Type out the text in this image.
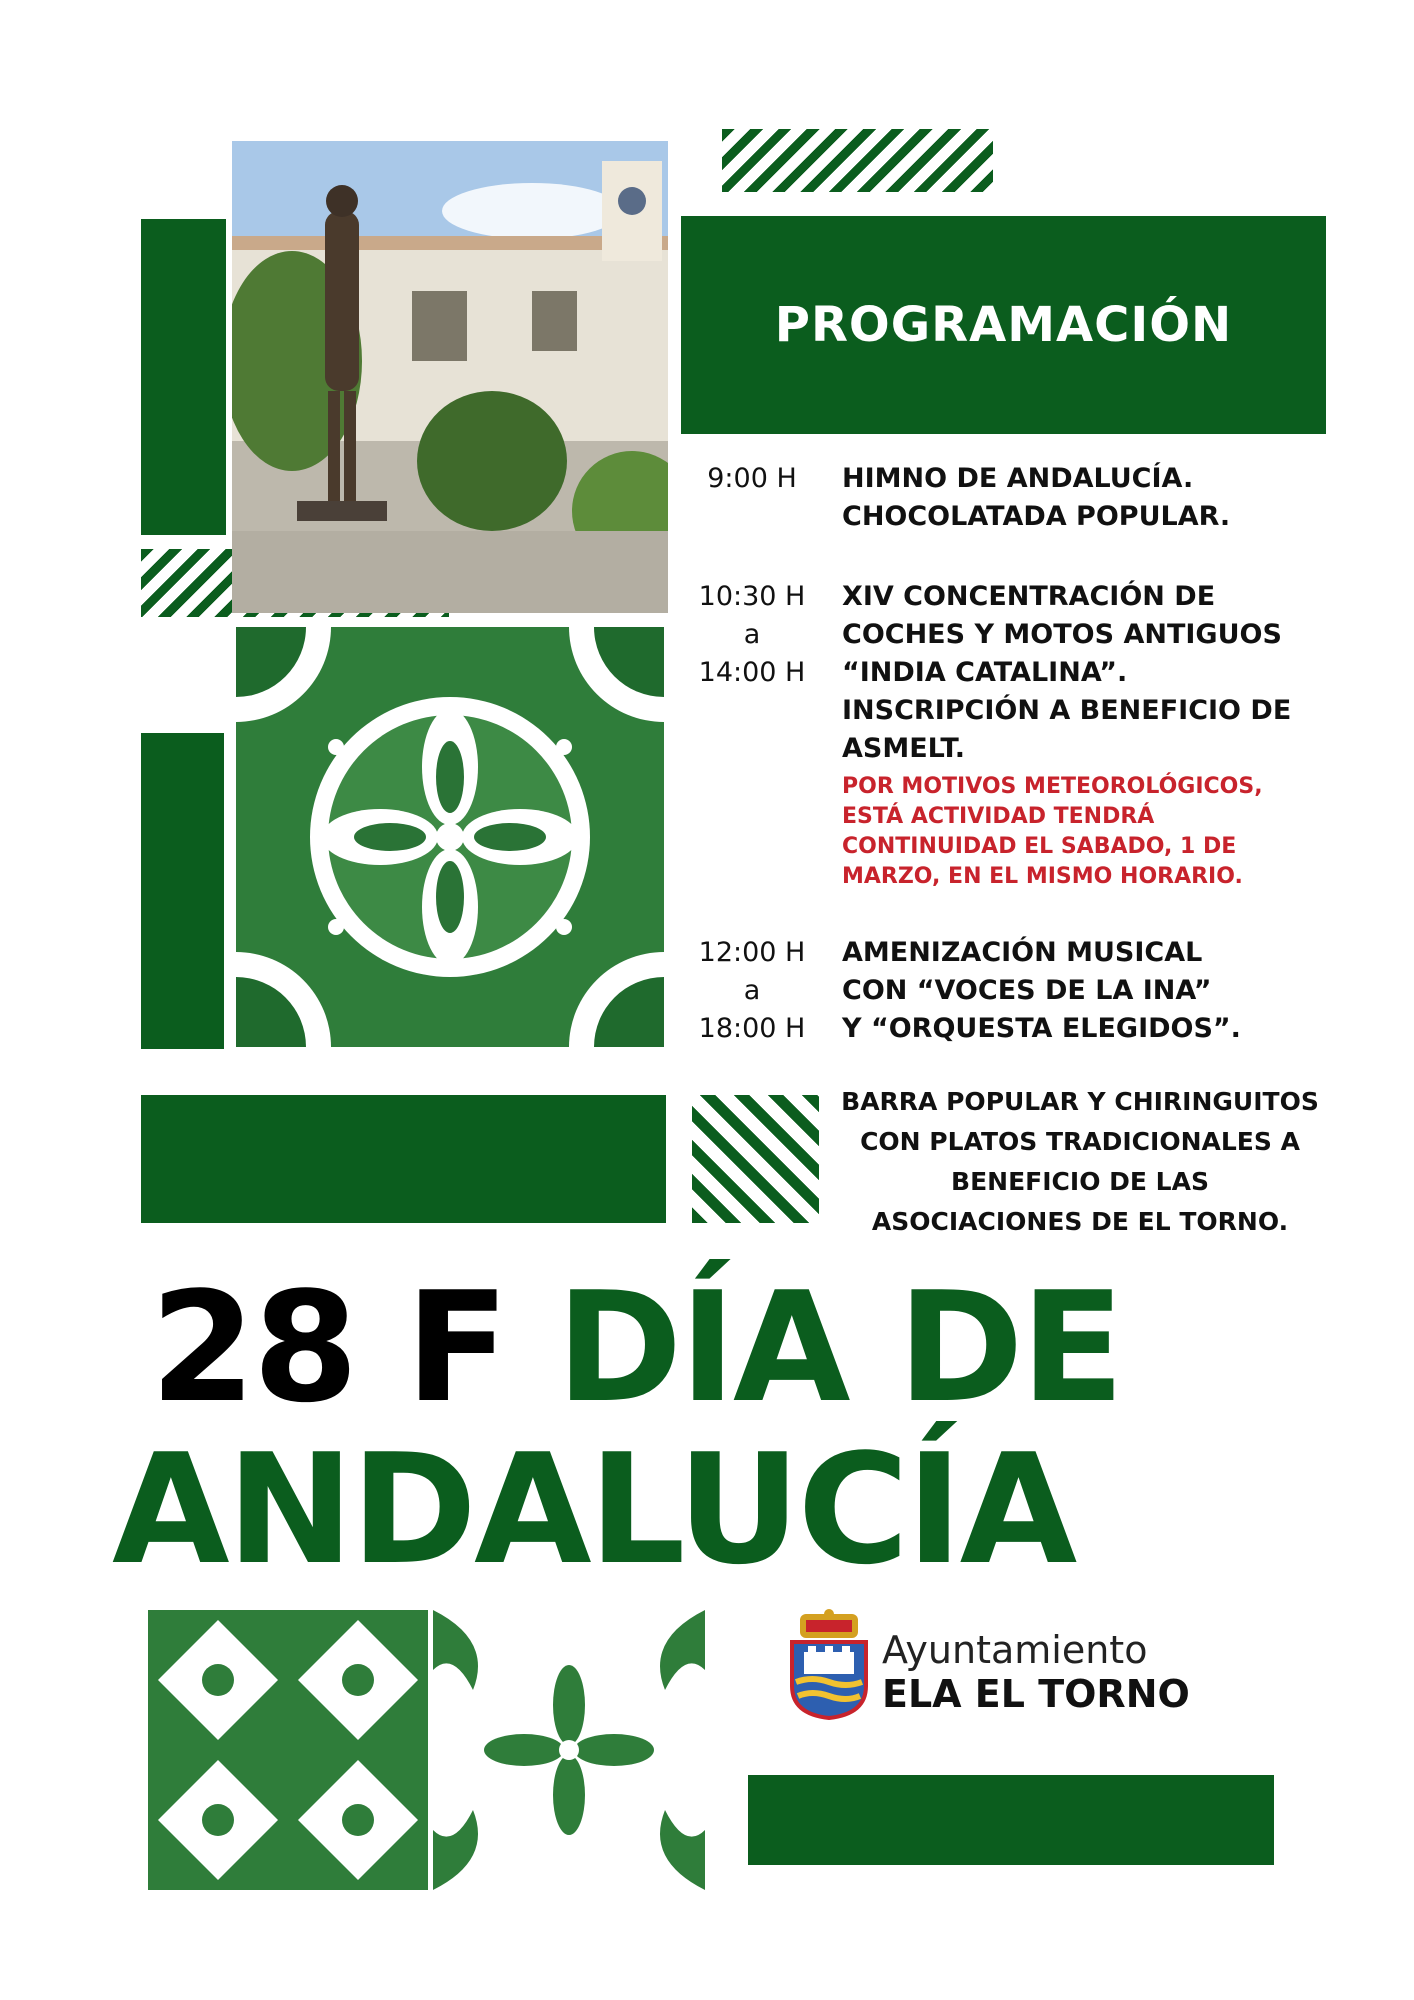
PROGRAMACIÓN
9:00 H	HIMNO DE ANDALUCÍA.
CHOCOLATADA POPULAR.
10:30 H
a
14:00 H
XIV CONCENTRACIÓN DE
COCHES Y MOTOS ANTIGUOS
“INDIA CATALINA”.
INSCRIPCIÓN A BENEFICIO DE
ASMELT.
POR MOTIVOS METEOROLÓGICOS,
ESTÁ ACTIVIDAD TENDRÁ
CONTINUIDAD EL SABADO, 1 DE
MARZO, EN EL MISMO HORARIO.
12:00 H
a
18:00 H
AMENIZACIÓN MUSICAL
CON “VOCES DE LA INA”
Y “ORQUESTA ELEGIDOS”.
BARRA POPULAR Y CHIRINGUITOS
CON PLATOS TRADICIONALES A
BENEFICIO DE LAS
ASOCIACIONES DE EL TORNO.
28 F DÍA DE
ANDALUCÍA
Ayuntamiento
ELA EL TORNO
